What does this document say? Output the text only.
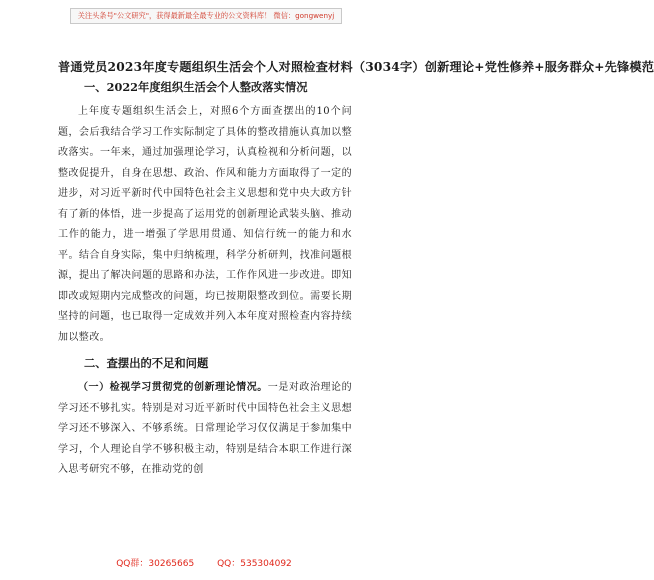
关注头条号"公文研究"，获得最新最全最专业的公文资料库！ 微信：gongwenyj
普通党员2023年度专题组织生活会个人对照检查材料（3034字）创新理论+党性修养+服务群众+先锋模范
一、2022年度组织生活会个人整改落实情况
上年度专题组织生活会上，对照6个方面查摆出的10个问题，会后我结合学习工作实际制定了具体的整改措施认真加以整改落实。一年来，通过加强理论学习，认真检视和分析问题，以整改促提升，自身在思想、政治、作风和能力方面取得了一定的进步，对习近平新时代中国特色社会主义思想和党中央大政方针有了新的体悟，进一步提高了运用党的创新理论武装头脑、推动工作的能力，进一增强了学思用贯通、知信行统一的能力和水平。结合自身实际，集中归纳梳理，科学分析研判，找准问题根源，提出了解决问题的思路和办法，工作作风进一步改进。即知即改或短期内完成整改的问题，均已按期限整改到位。需要长期坚持的问题，也已取得一定成效并列入本年度对照检查内容持续加以整改。
二、查摆出的不足和问题
（一）检视学习贯彻党的创新理论情况。一是对政治理论的学习还不够扎实。特别是对习近平新时代中国特色社会主义思想学习还不够深入、不够系统。日常理论学习仅仅满足于参加集中学习，个人理论自学不够积极主动，特别是结合本职工作进行深入思考研究不够，在推动党的创
QQ群：30265665	QQ：535304092
